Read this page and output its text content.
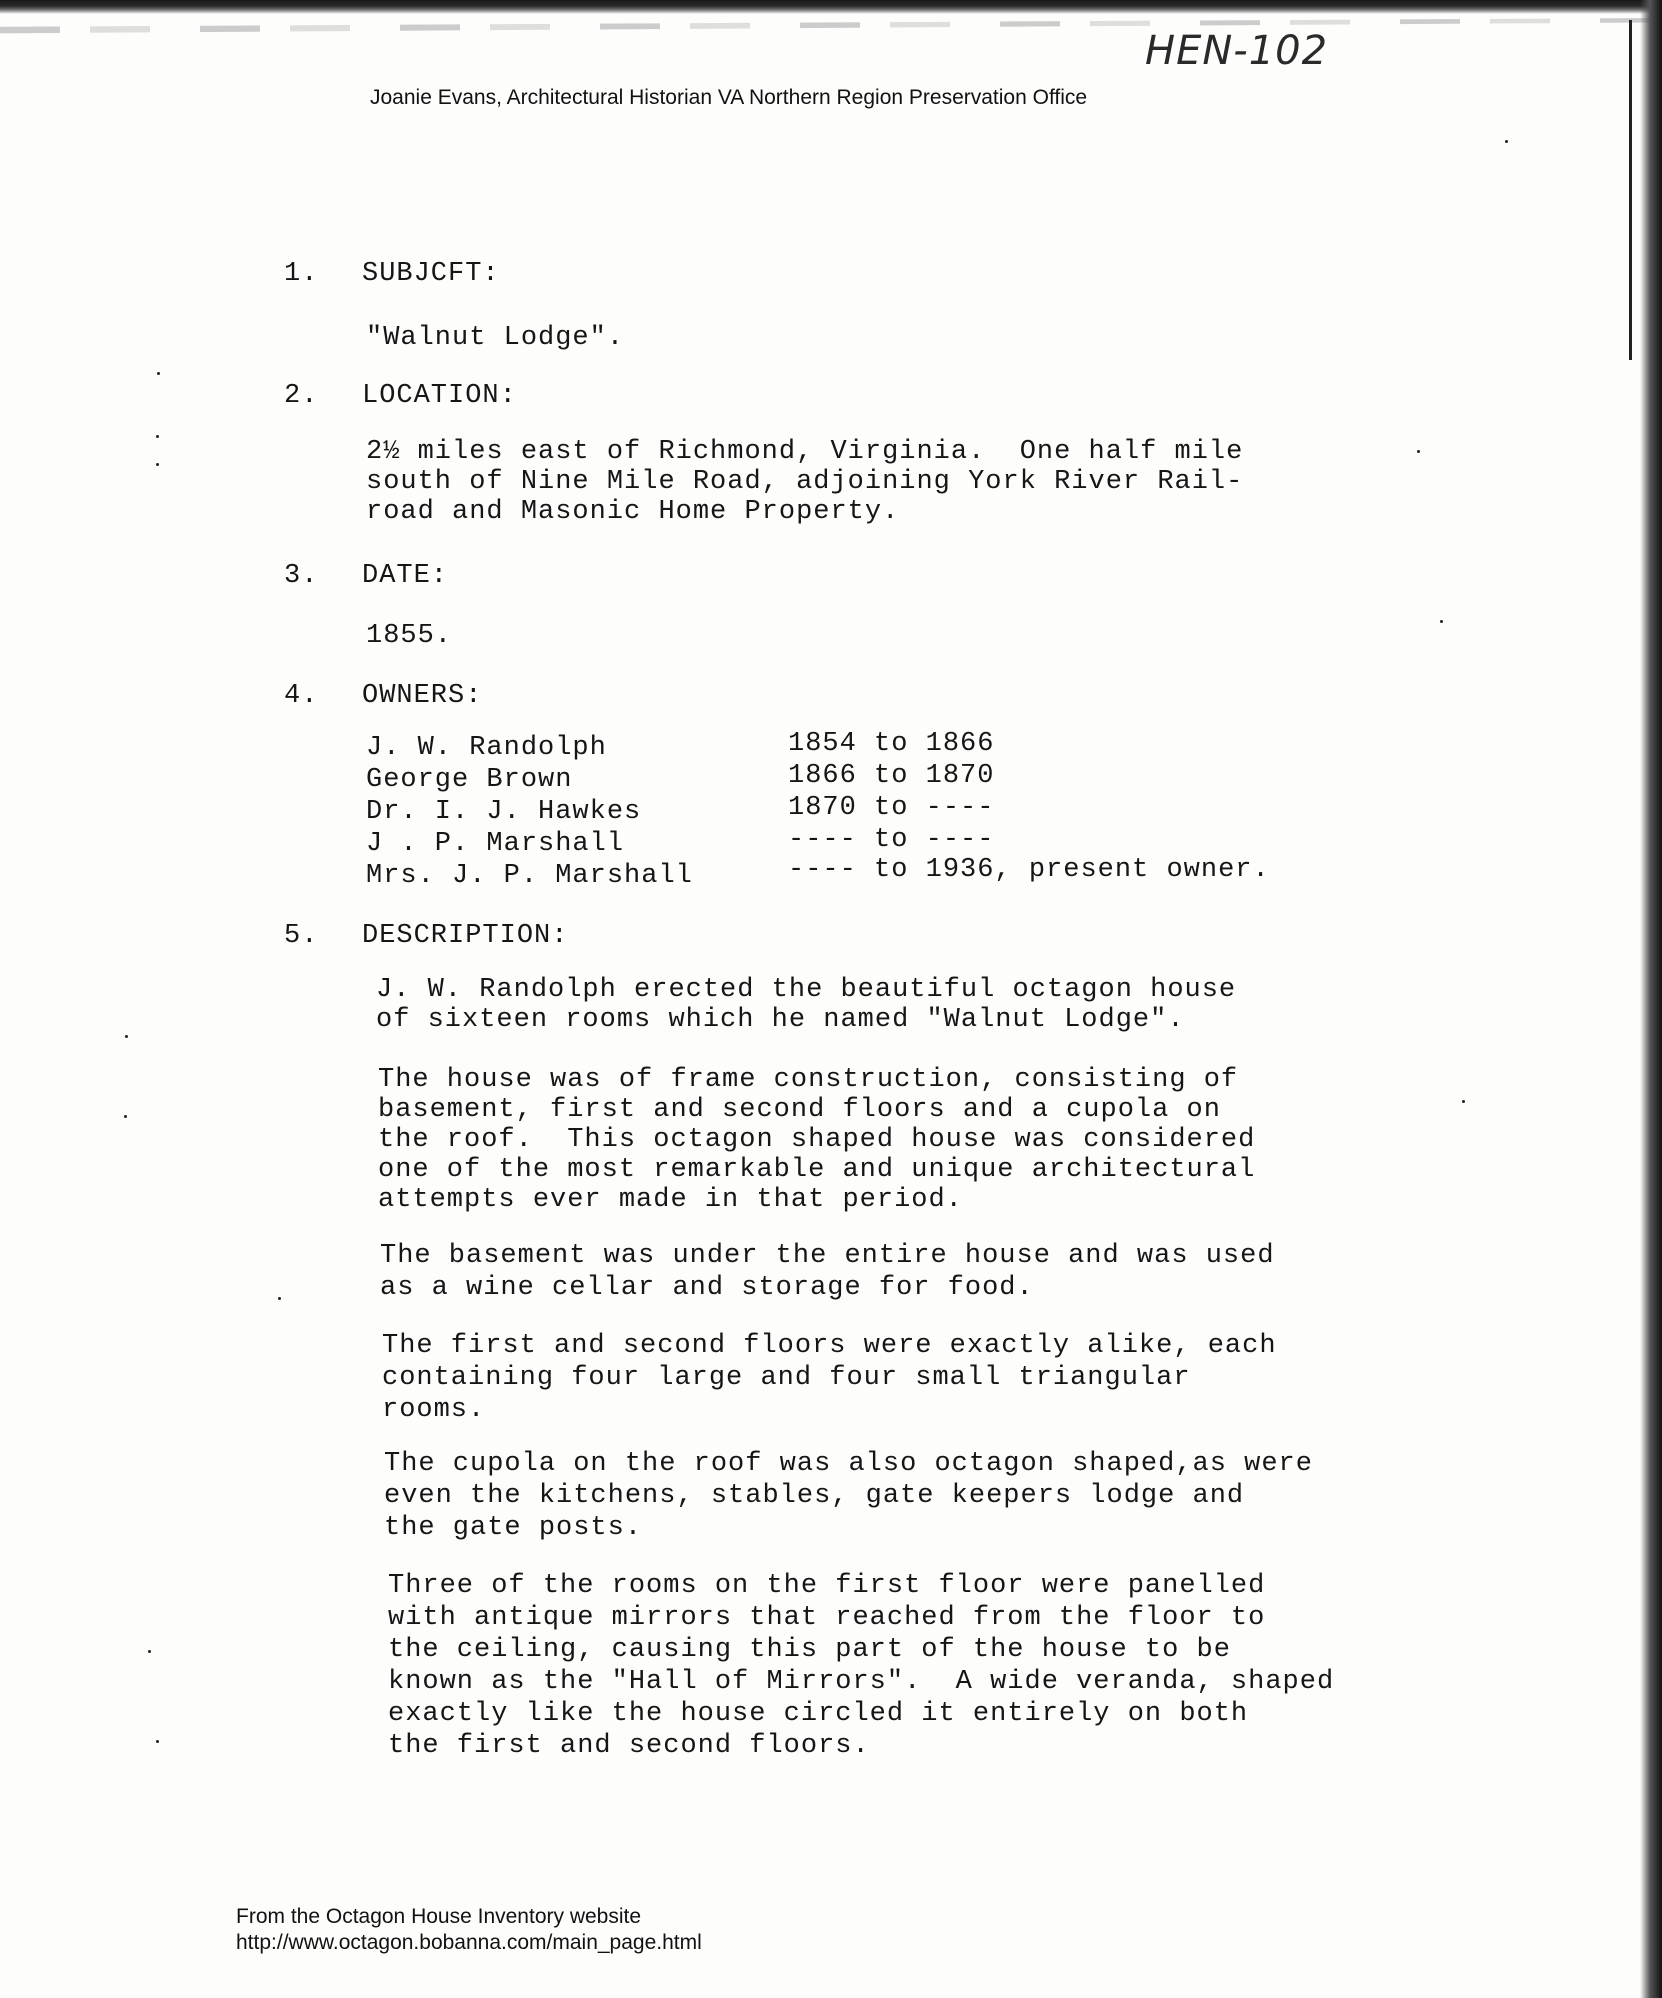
HEN-102
Joanie Evans, Architectural Historian VA Northern Region Preservation Office
1. SUBJCFT:
"Walnut Lodge".
2. LOCATION:
2½ miles east of Richmond, Virginia.  One half mile
south of Nine Mile Road, adjoining York River Rail-
road and Masonic Home Property.
3. DATE:
1855.
4. OWNERS:
J. W. Randolph	1854 to 1866
George Brown	1866 to 1870
Dr. I. J. Hawkes	1870 to ----
J . P. Marshall	---- to ----
Mrs. J. P. Marshall	---- to 1936, present owner.
5. DESCRIPTION:
J. W. Randolph erected the beautiful octagon house
of sixteen rooms which he named "Walnut Lodge".
The house was of frame construction, consisting of
basement, first and second floors and a cupola on
the roof.  This octagon shaped house was considered
one of the most remarkable and unique architectural
attempts ever made in that period.
The basement was under the entire house and was used
as a wine cellar and storage for food.
The first and second floors were exactly alike, each
containing four large and four small triangular
rooms.
The cupola on the roof was also octagon shaped,as were
even the kitchens, stables, gate keepers lodge and
the gate posts.
Three of the rooms on the first floor were panelled
with antique mirrors that reached from the floor to
the ceiling, causing this part of the house to be
known as the "Hall of Mirrors".  A wide veranda, shaped
exactly like the house circled it entirely on both
the first and second floors.
From the Octagon House Inventory website
http://www.octagon.bobanna.com/main_page.html
